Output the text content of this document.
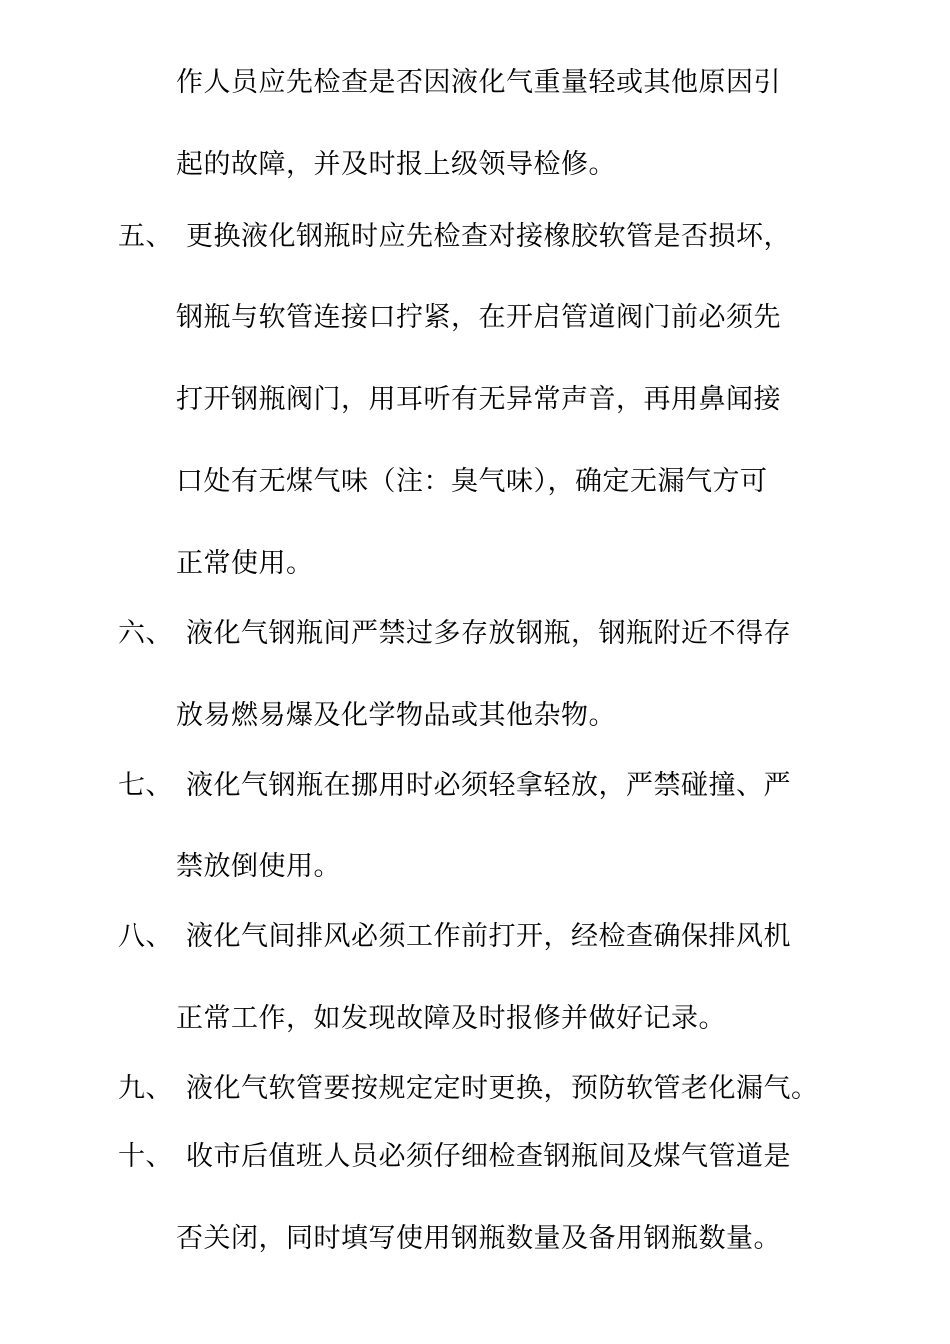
作人员应先检查是否因液化气重量轻或其他原因引
起的故障，并及时报上级领导检修。
五、 更换液化钢瓶时应先检查对接橡胶软管是否损坏，
钢瓶与软管连接口拧紧，在开启管道阀门前必须先
打开钢瓶阀门，用耳听有无异常声音，再用鼻闻接
口处有无煤气味（注：臭气味），确定无漏气方可
正常使用。
六、 液化气钢瓶间严禁过多存放钢瓶，钢瓶附近不得存
放易燃易爆及化学物品或其他杂物。
七、 液化气钢瓶在挪用时必须轻拿轻放，严禁碰撞、严
禁放倒使用。
八、 液化气间排风必须工作前打开，经检查确保排风机
正常工作，如发现故障及时报修并做好记录。
九、 液化气软管要按规定定时更换，预防软管老化漏气。
十、 收市后值班人员必须仔细检查钢瓶间及煤气管道是
否关闭，同时填写使用钢瓶数量及备用钢瓶数量。
